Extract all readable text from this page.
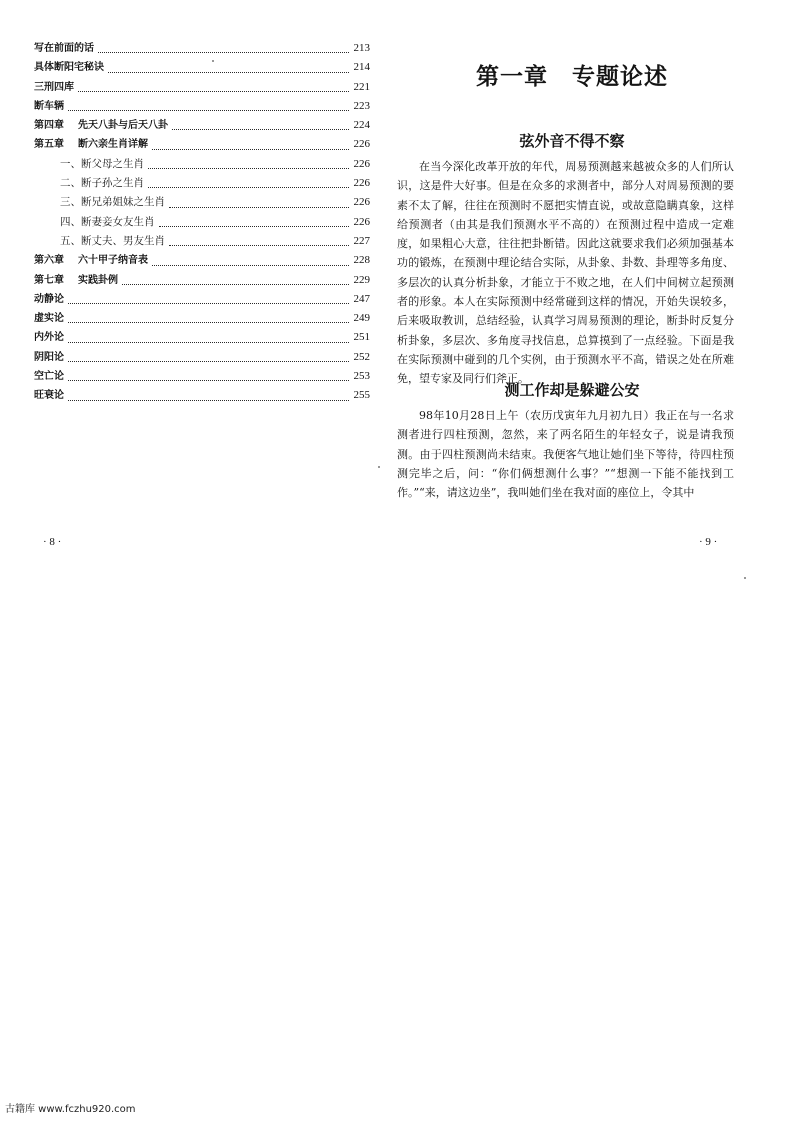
写在前面的话	213
具体断阳宅秘诀	214
三刑四库	221
断车辆	223
第四章 先天八卦与后天八卦	224
第五章 断六亲生肖详解	226
一、断父母之生肖	226
二、断子孙之生肖	226
三、断兄弟姐妹之生肖	226
四、断妻妾女友生肖	226
五、断丈夫、男友生肖	227
第六章 六十甲子纳音表	228
第七章 实践卦例	229
动静论	247
虚实论	249
内外论	251
阴阳论	252
空亡论	253
旺衰论	255
· 8 ·
第一章　专题论述
弦外音不得不察

在当今深化改革开放的年代，周易预测越来越被众多的人们所认识，这是件大好事。但是在众多的求测者中，部分人对周易预测的要素不太了解，往往在预测时不愿把实情直说，或故意隐瞒真象，这样给预测者（由其是我们预测水平不高的）在预测过程中造成一定难度，如果粗心大意，往往把卦断错。因此这就要求我们必须加强基本功的锻炼，在预测中理论结合实际，从卦象、卦数、卦理等多角度、多层次的认真分析卦象，才能立于不败之地，在人们中间树立起预测者的形象。本人在实际预测中经常碰到这样的情况，开始失误较多，后来吸取教训，总结经验，认真学习周易预测的理论，断卦时反复分析卦象，多层次、多角度寻找信息，总算摸到了一点经验。下面是我在实际预测中碰到的几个实例，由于预测水平不高，错误之处在所难免，望专家及同行们斧正。

测工作却是躲避公安

98年10月28日上午（农历戊寅年九月初九日）我正在与一名求测者进行四柱预测，忽然，来了两名陌生的年轻女子，说是请我预测。由于四柱预测尚未结束。我便客气地让她们坐下等待，待四柱预测完毕之后，问：“你们俩想测什么事？”“想测一下能不能找到工作。”“来，请这边坐”，我叫她们坐在我对面的座位上，令其中

· 9 ·
古籍库 www.fczhu920.com
